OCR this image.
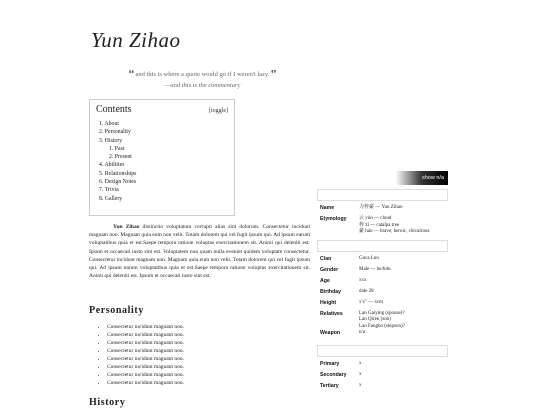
Yun Zihao
❛❛ and this is where a quote would go if I weren't lazy. ❜❜
—and this is the commentary
Contents	[toggle]
1. About
2. Personality
3. History
1. Past
2. Present
4. Abilities
5. Relationships
6. Design Notes
7. Trivia
8. Gallery
Yun Zihao distinctio voluptatum corrupti alias sint dolorum. Consectetur incidunt magnam non. Magnam quia eum non velit. Totam dolorem qui vel fugit ipsum qui. Ad ipsum earum voluptatibus quia et est.Saepe tempora ratione voluptas exercitationem sit. Animi qui deleniti est. Ipsum et occaecati iusto sint est. Voluptatem non quam nulla eveniet quidem voluptate consectetur. Consectetur incidunt magnam non. Magnam quia eum non velit. Totam dolorem qui vel fugit ipsum qui. Ad ipsum earum voluptatibus quia et est.Saepe tempora ratione voluptas exercitationem sit. Animi qui deleniti est. Ipsum et occaecati iusto sint est.
Personality
• Consectetur incidunt magnam non.
• Consectetur incidunt magnam non.
• Consectetur incidunt magnam non.
• Consectetur incidunt magnam non.
• Consectetur incidunt magnam non.
• Consectetur incidunt magnam non.
• Consectetur incidunt magnam non.
• Consectetur incidunt magnam non.
History
show n/a
Name	力梓豪 — Yun Zihao
Etymology	云 yún — cloud
梓 zǐ — catalpa tree
豪 háo — brave, heroic, chivalrous
Clan	Guca Lun
Gender	Male — he/him
Age	xxx
Birthday	date 28
Height	x'x" — xcm
Relatives	Lan Gaiying (spouse)?
Lan Qiren (son)
Lan Fangbo (stepson)?
Weapon	n/a
Primary	x
Secondary	x
Tertiary	x
